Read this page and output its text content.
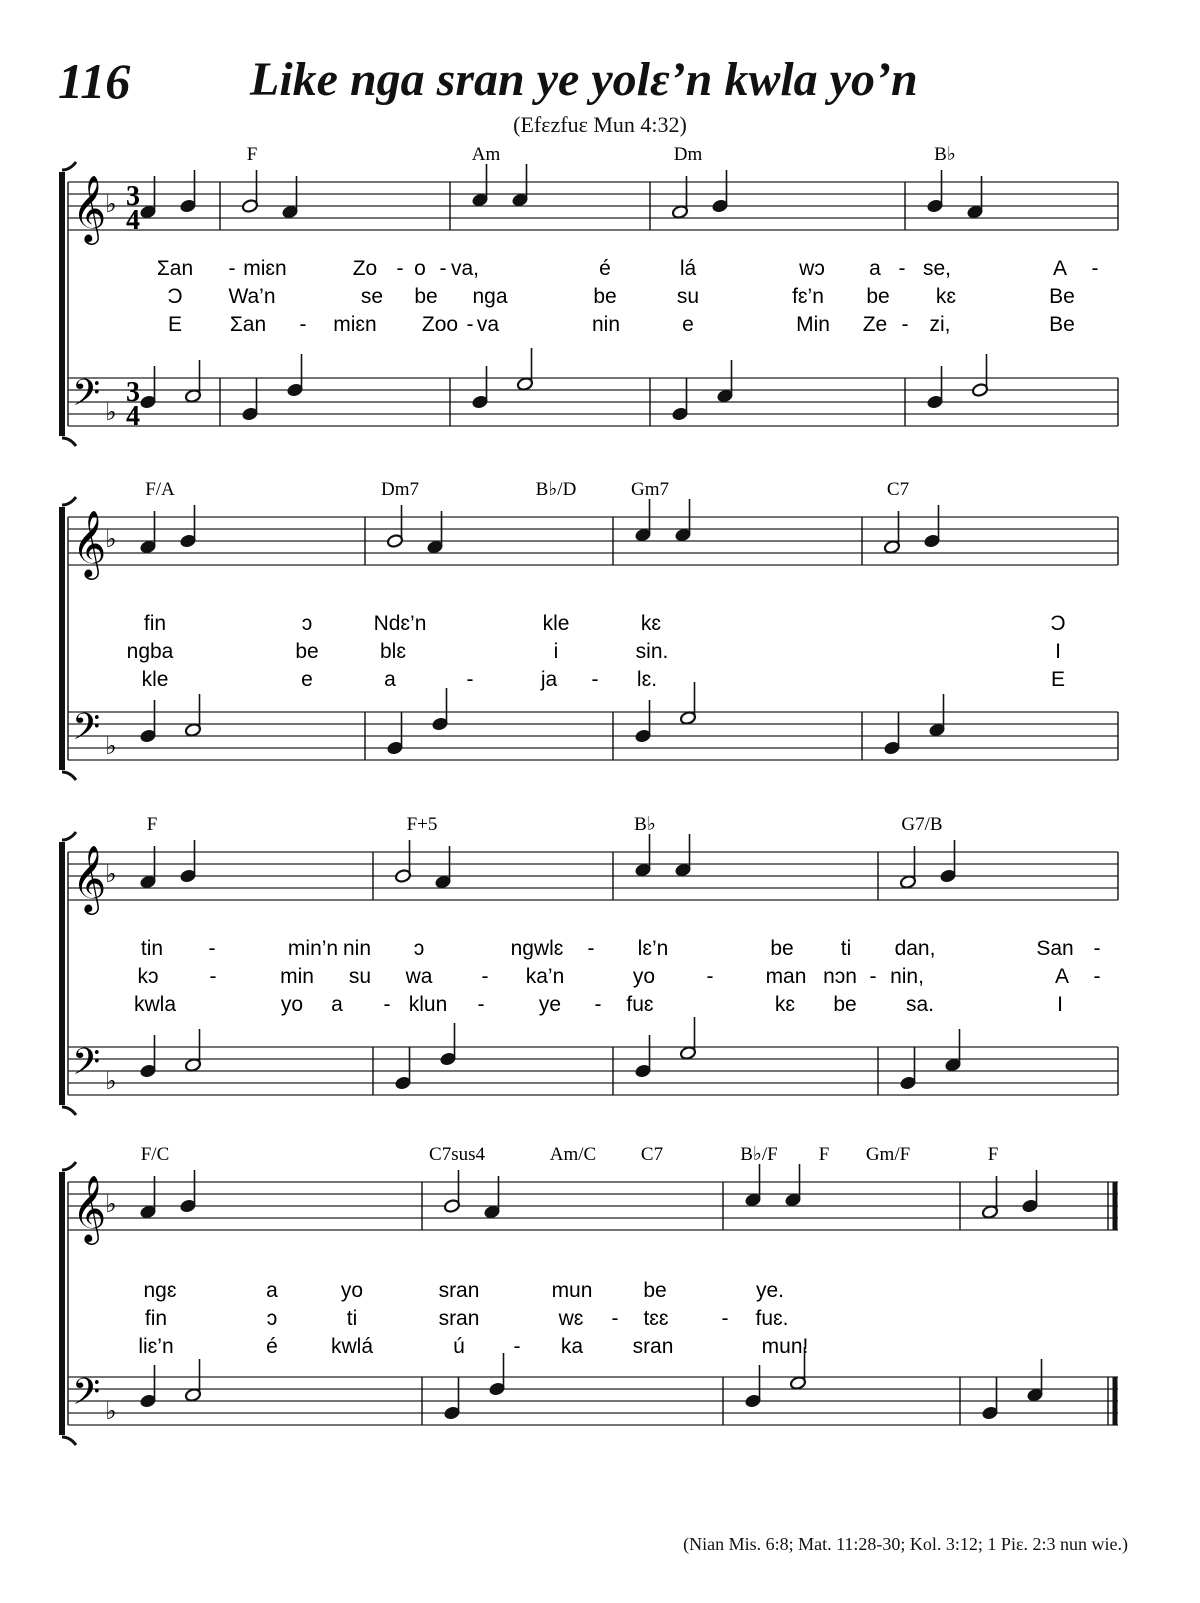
116 Like nga sran ye yolɛ’n kwla yo’n
(Efɛzfuɛ Mun 4:32)
𝄞
𝄢
♭
♭
3
4
3
4
F	Am	Dm	B♭
Ʃan - miɛn	Zo - o - va,	é	lá	wɔ a - se,	A -
Ɔ Wa’n	se be nga	be	su	fɛ’n be kɛ	Be
E Ʃan - miɛn Zoo - va	nin	e	Min Ze - zi,	Be
𝄞
𝄢
♭
♭
F/A	Dm7	B♭/D	Gm7	C7
fin	ɔ	Ndɛ’n	kle	kɛ	Ɔ
ngba	be	blɛ	i	sin.	I
kle	e	a	-	ja - lɛ.	E
𝄞
𝄢
♭
♭
F	F+5	B♭	G7/B
tin -	min’n nin ɔ	ngwlɛ - lɛ’n	be ti dan,	San -
kɔ -	min su wa - ka’n	yo - man nɔn - nin,	A -
kwla	yo a - klun -	ye - fuɛ	kɛ be sa.	I
𝄞
𝄢
♭
♭
F/C	C7sus4	Am/C C7	B♭/F F Gm/F	F
ngɛ	a	yo	sran	mun be	ye.
fin	ɔ	ti	sran	wɛ - tɛɛ	- fuɛ.
liɛ’n	é	kwlá	ú - ka sran	mun!
(Nian Mis. 6:8; Mat. 11:28-30; Kol. 3:12; 1 Piɛ. 2:3 nun wie.)
